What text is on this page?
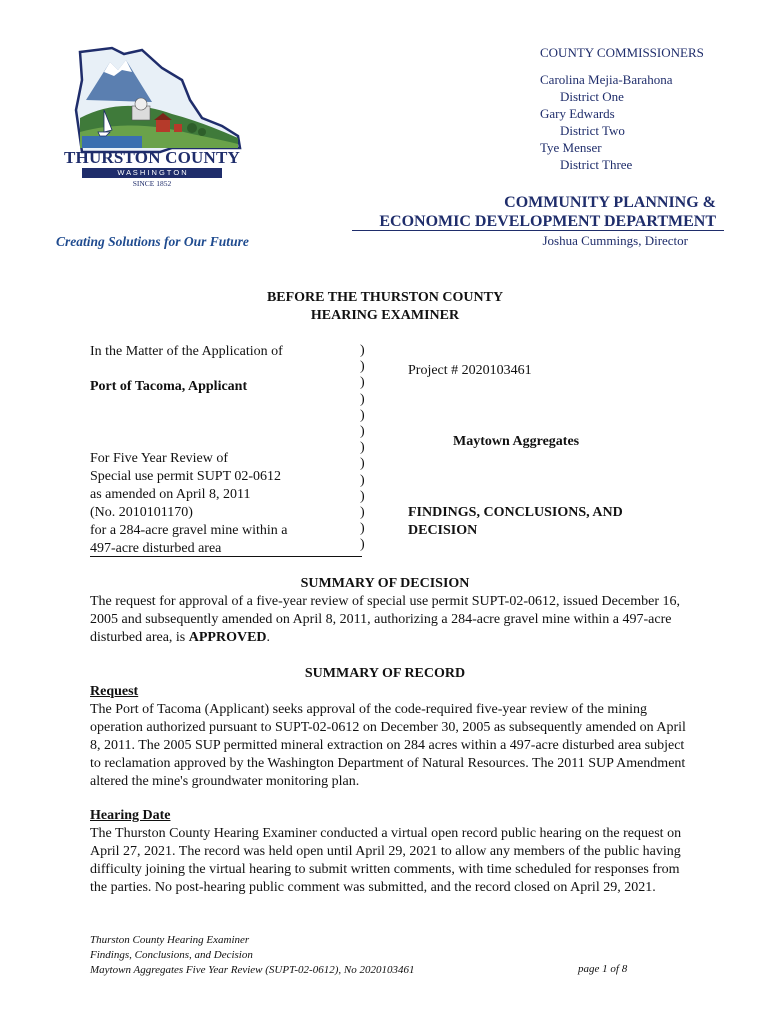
THURSTON COUNTY
W A S H I N G T O N
SINCE 1852
COUNTY COMMISSIONERS
Carolina Mejia-Barahona
District One
Gary Edwards
District Two
Tye Menser
District Three
COMMUNITY PLANNING &
ECONOMIC DEVELOPMENT DEPARTMENT
Joshua Cummings, Director
Creating Solutions for Our Future
BEFORE THE THURSTON COUNTY
HEARING EXAMINER
In the Matter of the Application of
Port of Tacoma, Applicant
For Five Year Review of
Special use permit SUPT 02-0612
as amended on April 8, 2011
(No. 2010101170)
for a 284-acre gravel mine within a
497-acre disturbed area
)
)
)
)
)
)
)
)
)
)
)
)
)
Project # 2020103461
Maytown Aggregates
FINDINGS, CONCLUSIONS, AND
DECISION
SUMMARY OF DECISION
The request for approval of a five-year review of special use permit SUPT-02-0612, issued December 16, 2005 and subsequently amended on April 8, 2011, authorizing a 284-acre gravel mine within a 497-acre disturbed area, is APPROVED.
SUMMARY OF RECORD
Request
The Port of Tacoma (Applicant) seeks approval of the code-required five-year review of the mining operation authorized pursuant to SUPT-02-0612 on December 30, 2005 as subsequently amended on April 8, 2011. The 2005 SUP permitted mineral extraction on 284 acres within a 497-acre disturbed area subject to reclamation approved by the Washington Department of Natural Resources. The 2011 SUP Amendment altered the mine's groundwater monitoring plan.
Hearing Date
The Thurston County Hearing Examiner conducted a virtual open record public hearing on the request on April 27, 2021. The record was held open until April 29, 2021 to allow any members of the public having difficulty joining the virtual hearing to submit written comments, with time scheduled for responses from the parties. No post-hearing public comment was submitted, and the record closed on April 29, 2021.
Thurston County Hearing Examiner
Findings, Conclusions, and Decision
Maytown Aggregates Five Year Review (SUPT-02-0612), No 2020103461	page 1 of 8
